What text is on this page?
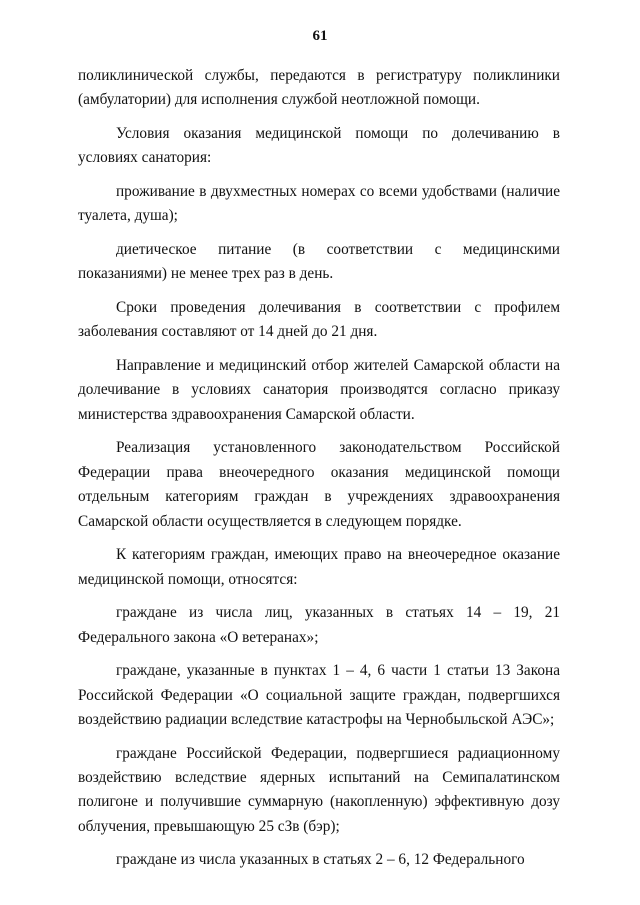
61

поликлинической службы, передаются в регистратуру поликлиники (амбулатории) для исполнения службой неотложной помощи.

Условия оказания медицинской помощи по долечиванию в условиях санатория:

проживание в двухместных номерах со всеми удобствами (наличие туалета, душа);

диетическое питание (в соответствии с медицинскими показаниями) не менее трех раз в день.

Сроки проведения долечивания в соответствии с профилем заболевания составляют от 14 дней до 21 дня.

Направление и медицинский отбор жителей Самарской области на долечивание в условиях санатория производятся согласно приказу министерства здравоохранения Самарской области.

Реализация установленного законодательством Российской Федерации права внеочередного оказания медицинской помощи отдельным категориям граждан в учреждениях здравоохранения Самарской области осуществляется в следующем порядке.

К категориям граждан, имеющих право на внеочередное оказание медицинской помощи, относятся:

граждане из числа лиц, указанных в статьях 14 – 19, 21 Федерального закона «О ветеранах»;

граждане, указанные в пунктах 1 – 4, 6 части 1 статьи 13 Закона Российской Федерации «О социальной защите граждан, подвергшихся воздействию радиации вследствие катастрофы на Чернобыльской АЭС»;

граждане Российской Федерации, подвергшиеся радиационному воздействию вследствие ядерных испытаний на Семипалатинском полигоне и получившие суммарную (накопленную) эффективную дозу облучения, превышающую 25 сЗв (бэр);

граждане из числа указанных в статьях 2 – 6, 12 Федерального
